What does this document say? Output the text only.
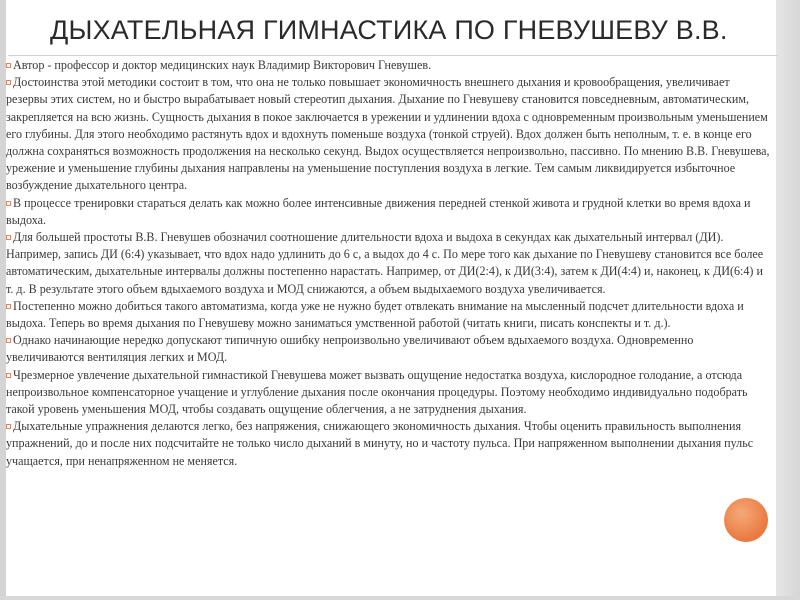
ДЫХАТЕЛЬНАЯ ГИМНАСТИКА ПО ГНЕВУШЕВУ В.В.

Автор - профессор и доктор медицинских наук Владимир Викторович Гневушев.

Достоинства этой методики состоит в том, что она не только повышает экономичность внешнего дыхания и кровообращения, увеличивает резервы этих систем, но и быстро вырабатывает новый стереотип дыхания. Дыхание по Гневушеву становится повседневным, автоматическим, закрепляется на всю жизнь. Сущность дыхания в покое заключается в урежении и удлинении вдоха с одновременным произвольным уменьшением его глубины. Для этого необходимо растянуть вдох и вдохнуть поменьше воздуха (тонкой струей). Вдох должен быть неполным, т. е. в конце его должна сохраняться возможность продолжения на несколько секунд. Выдох осуществляется непроизвольно, пассивно. По мнению В.В. Гневушева, урежение и уменьшение глубины дыхания направлены на уменьшение поступления воздуха в легкие. Тем самым ликвидируется избыточное возбуждение дыхательного центра.

В процессе тренировки стараться делать как можно более интенсивные движения передней стенкой живота и грудной клетки во время вдоха и выдоха.

Для большей простоты В.В. Гневушев обозначил соотношение длительности вдоха и выдоха в секундах как дыхательный интервал (ДИ). Например, запись ДИ (6:4) указывает, что вдох надо удлинить до 6 с, а выдох до 4 с. По мере того как дыхание по Гневушеву становится все более автоматическим, дыхательные интервалы должны постепенно нарастать. Например, от ДИ(2:4), к ДИ(3:4), затем к ДИ(4:4) и, наконец, к ДИ(6:4) и т. д. В результате этого объем вдыхаемого воздуха и МОД снижаются, а объем выдыхаемого воздуха увеличивается.

Постепенно можно добиться такого автоматизма, когда уже не нужно будет отвлекать внимание на мысленный подсчет длительности вдоха и выдоха. Теперь во время дыхания по Гневушеву можно заниматься умственной работой (читать книги, писать конспекты и т. д.).

Однако начинающие нередко допускают типичную ошибку непроизвольно увеличивают объем вдыхаемого воздуха. Одновременно увеличиваются вентиляция легких и МОД.

Чрезмерное увлечение дыхательной гимнастикой Гневушева может вызвать ощущение недостатка воздуха, кислородное голодание, а отсюда непроизвольное компенсаторное учащение и углубление дыхания после окончания процедуры. Поэтому необходимо индивидуально подобрать такой уровень уменьшения МОД, чтобы создавать ощущение облегчения, а не затруднения дыхания.

Дыхательные упражнения делаются легко, без напряжения, снижающего экономичность дыхания. Чтобы оценить правильность выполнения упражнений, до и после них подсчитайте не только число дыханий в минуту, но и частоту пульса. При напряженном выполнении дыхания пульс учащается, при ненапряженном не меняется.
